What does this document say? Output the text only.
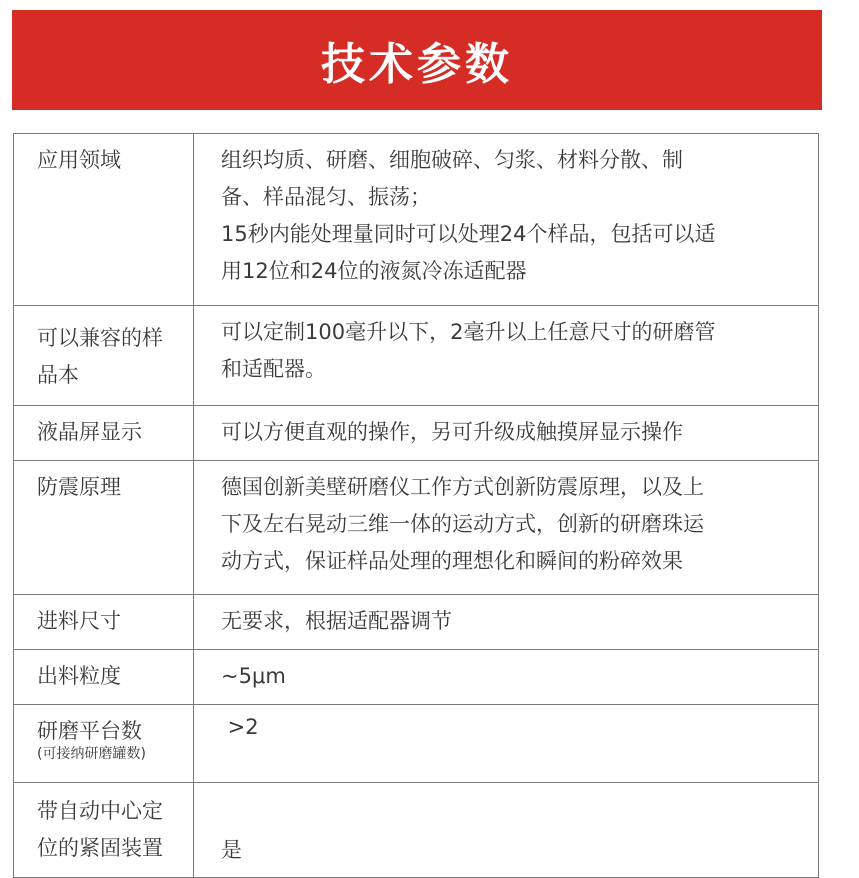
技术参数
应用领域	组织均质、研磨、细胞破碎、匀浆、材料分散、制
备、样品混匀、振荡；
15秒内能处理量同时可以处理24个样品，包括可以适
用12位和24位的液氮冷冻适配器

可以兼容的样
品本	可以定制100毫升以下，2毫升以上任意尺寸的研磨管
和适配器。

液晶屏显示	可以方便直观的操作，另可升级成触摸屏显示操作

防震原理	德国创新美壁研磨仪工作方式创新防震原理，以及上
下及左右晃动三维一体的运动方式，创新的研磨珠运
动方式，保证样品处理的理想化和瞬间的粉碎效果

进料尺寸	无要求，根据适配器调节

出料粒度	~5μm

研磨平台数
(可接纳研磨罐数)	>2

带自动中心定
位的紧固装置	是
